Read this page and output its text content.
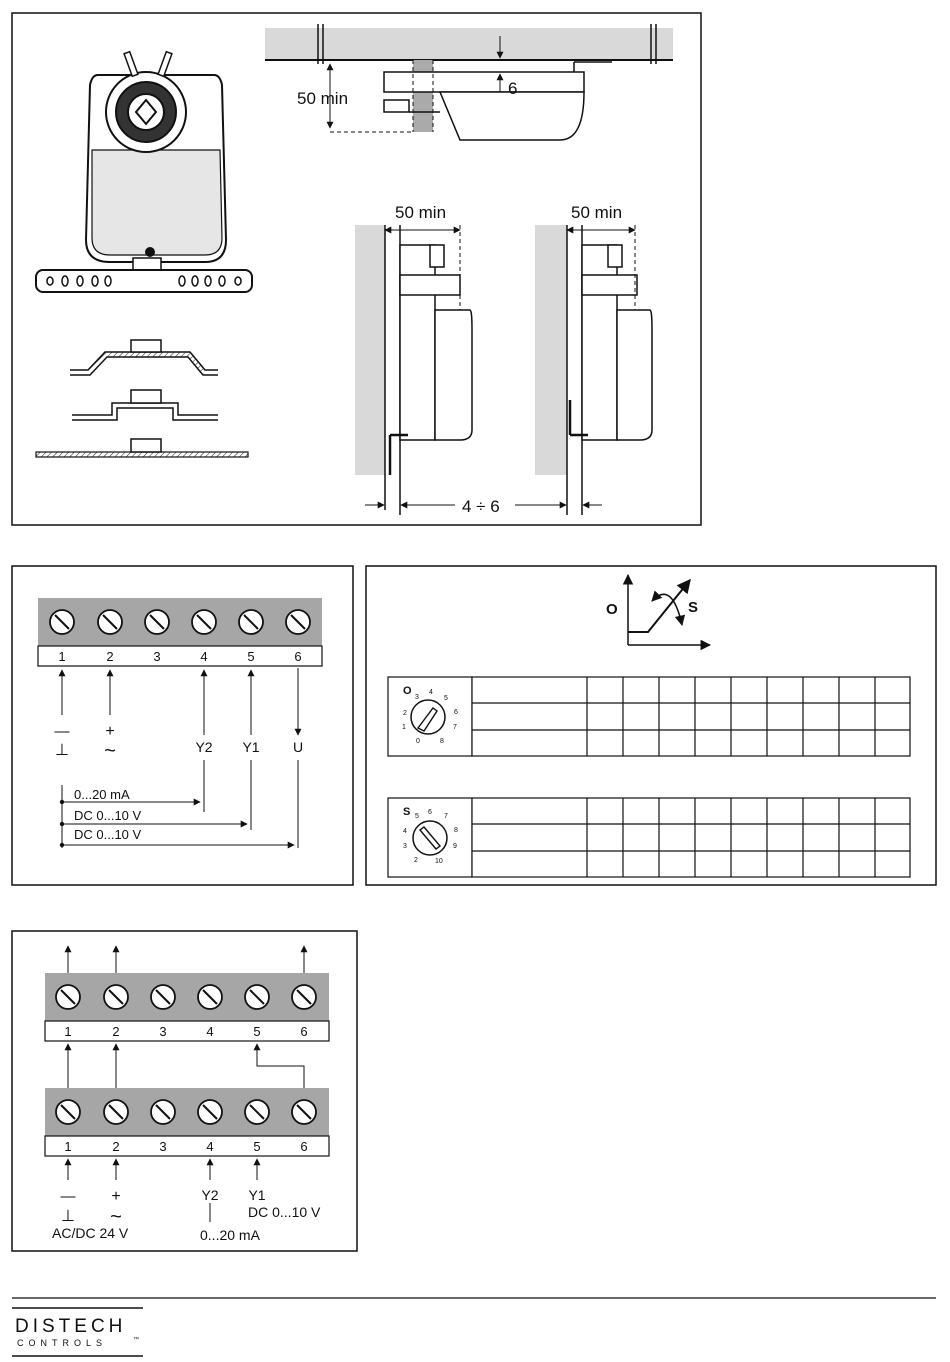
50 min
6
50 min	50 min
4 ÷ 6
1	2	3	4	5	6
— +
⊥ ~	Y2 Y1 U
0...20 mA
DC 0...10 V
DC 0...10 V
O	S
O
0
1
2
3
4
5
6
7
8
S
2
3
4
5
6
7
8
9
10
1	2	3	4	5	6
1	2	3	4	5	6
— +
⊥ ~
AC/DC 24 V
Y2 Y1
DC 0...10 V
0...20 mA
DISTECH
CONTROLS	™
